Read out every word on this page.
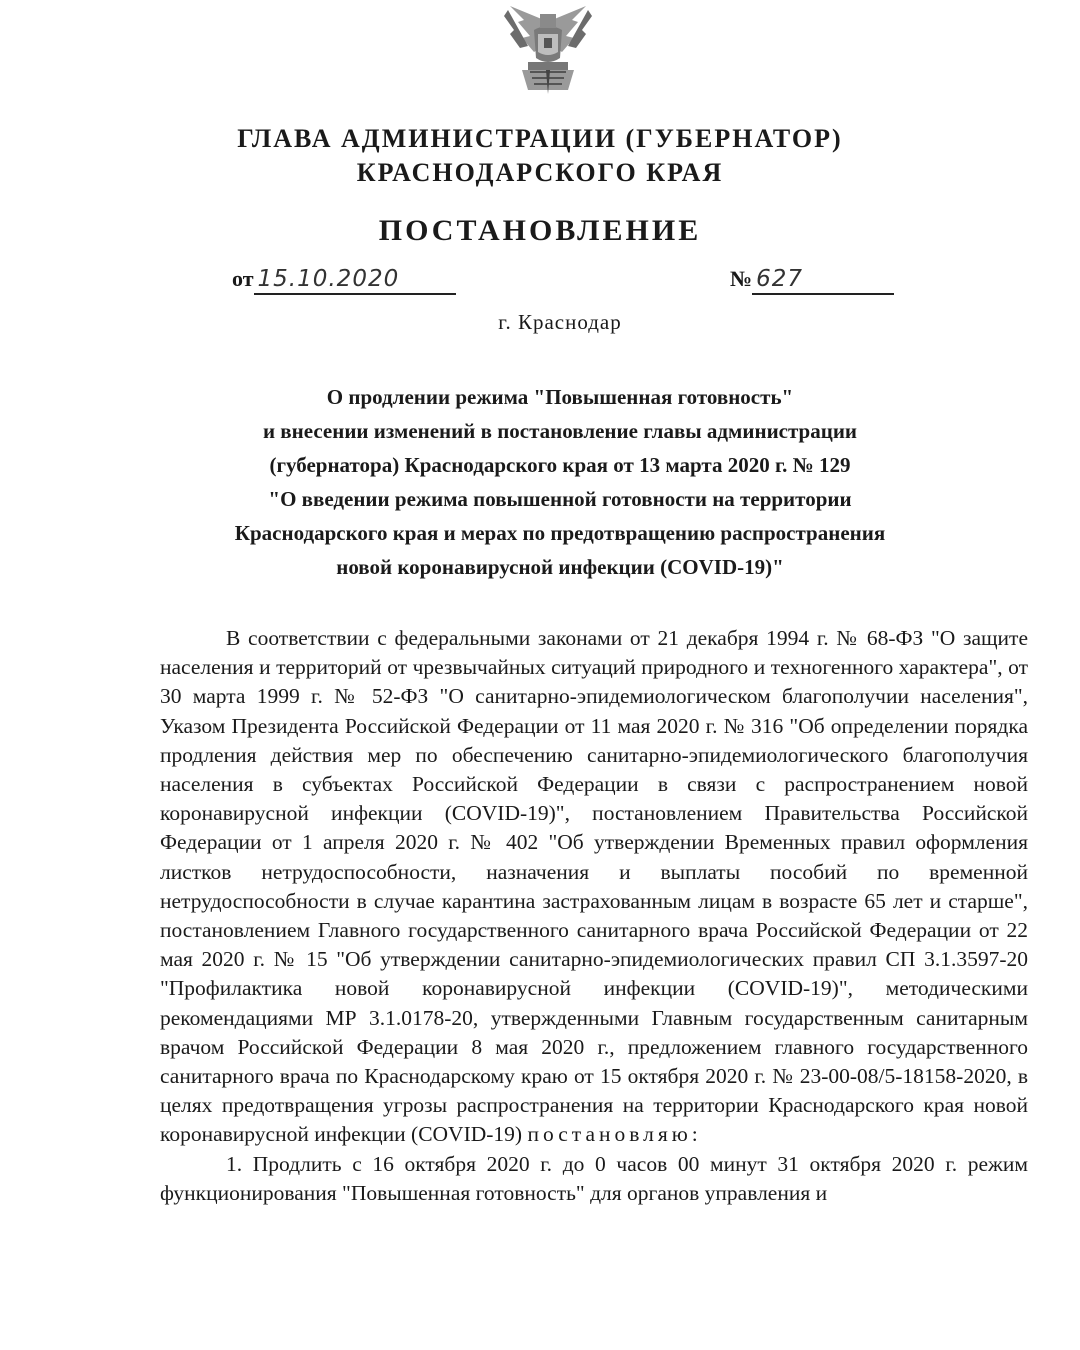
ГЛАВА АДМИНИСТРАЦИИ (ГУБЕРНАТОР)
КРАСНОДАРСКОГО КРАЯ
ПОСТАНОВЛЕНИЕ
от 15.10.2020	№ 627
г. Краснодар
О продлении режима "Повышенная готовность"
и внесении изменений в постановление главы администрации
(губернатора) Краснодарского края от 13 марта 2020 г. № 129
"О введении режима повышенной готовности на территории
Краснодарского края и мерах по предотвращению распространения
новой коронавирусной инфекции (COVID-19)"

В соответствии с федеральными законами от 21 декабря 1994 г. № 68-ФЗ "О защите населения и территорий от чрезвычайных ситуаций природного и техногенного характера", от 30 марта 1999 г. № 52-ФЗ "О санитарно-эпидемиологическом благополучии населения", Указом Президента Российской Федерации от 11 мая 2020 г. № 316 "Об определении порядка продления действия мер по обеспечению санитарно-эпидемиологического благополучия населения в субъектах Российской Федерации в связи с распространением новой коронавирусной инфекции (COVID-19)", постановлением Правительства Российской Федерации от 1 апреля 2020 г. № 402 "Об утверждении Временных правил оформления листков нетрудоспособности, назначения и выплаты пособий по временной нетрудоспособности в случае карантина застрахованным лицам в возрасте 65 лет и старше", постановлением Главного государственного санитарного врача Российской Федерации от 22 мая 2020 г. № 15 "Об утверждении санитарно-эпидемиологических правил СП 3.1.3597-20 "Профилактика новой коронавирусной инфекции (COVID-19)", методическими рекомендациями МР 3.1.0178-20, утвержденными Главным государственным санитарным врачом Российской Федерации 8 мая 2020 г., предложением главного государственного санитарного врача по Краснодарскому краю от 15 октября 2020 г. № 23-00-08/5-18158-2020, в целях предотвращения угрозы распространения на территории Краснодарского края новой коронавирусной инфекции (COVID-19) постановляю:

1. Продлить с 16 октября 2020 г. до 0 часов 00 минут 31 октября 2020 г. режим функционирования "Повышенная готовность" для органов управления и
